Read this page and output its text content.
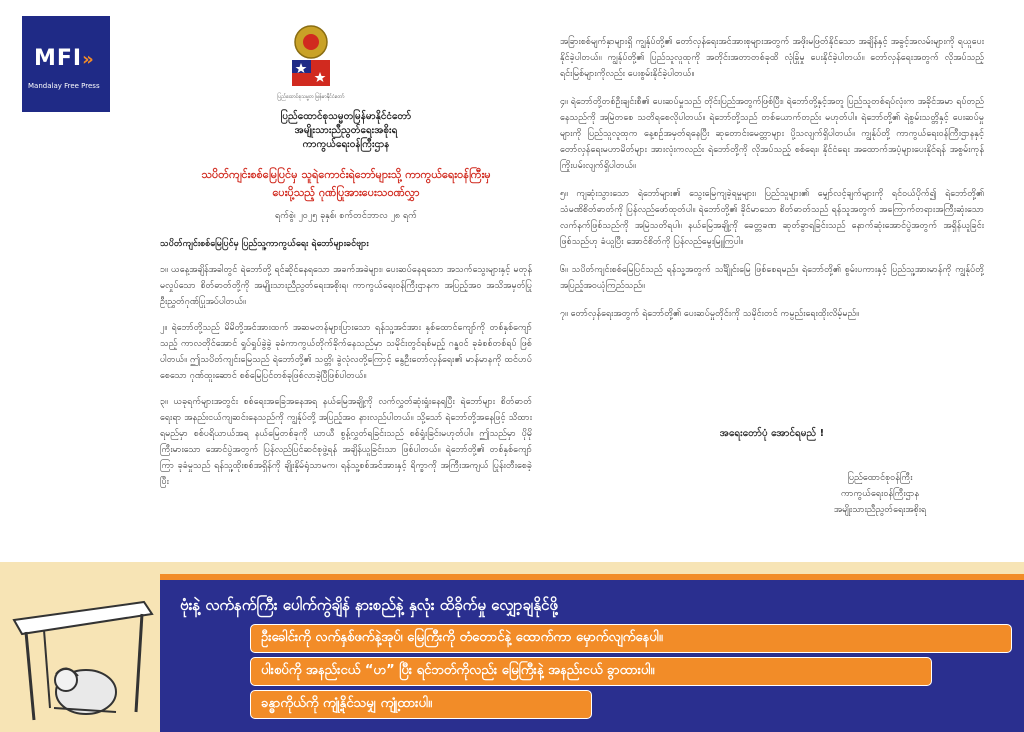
MFI»
Mandalay Free Press
ပြည်ထောင်စုသမ္မတ မြန်မာနိုင်ငံတော်
ပြည်ထောင်စုသမ္မတမြန်မာနိုင်ငံတော်
အမျိုးသားညီညွတ်ရေးအစိုးရ
ကာကွယ်ရေးဝန်ကြီးဌာန
သပိတ်ကျင်းစစ်မြေပြင်မှ သူရဲကောင်းရဲဘော်များသို့ ကာကွယ်ရေးဝန်ကြီးမှ
ပေးပို့သည့် ဂုဏ်ပြုအားပေးသဝဏ်လွှာ
ရက်စွဲ၊ ၂၀၂၅ ခုနှစ်၊ စက်တင်ဘာလ ၂၈ ရက်

သပိတ်ကျင်းစစ်မြေပြင်မှ ပြည်သူ့ကာကွယ်ရေး ရဲဘော်များခင်ဗျား

၁။ ယနေ့အချိန်အခါတွင် ရဲဘော်တို့ ရင်ဆိုင်နေရသော အခက်အခဲများ၊ ပေးဆပ်နေရသော အသက်သွေးများနှင့် မတုန်မလှုပ်သော စိတ်ဓာတ်တို့ကို အမျိုးသားညီညွတ်ရေးအစိုးရ၊ ကာကွယ်ရေးဝန်ကြီးဌာနက အပြည့်အဝ အသိအမှတ်ပြု ဦးညွှတ်ဂုဏ်ပြုအပ်ပါတယ်။

၂။ ရဲဘော်တို့သည် မိမိတို့အင်အားထက် အဆမတန်များပြားသော ရန်သူ့အင်အား နှစ်ထောင်ကျော်ကို တစ်နှစ်ကျော်သည့် ကာလတိုင်အောင် ရှုပ်ရှုပ်ခွဲခွဲ ခုခံကာကွယ်တိုက်ခိုက်နေသည်မှာ သမိုင်းတွင်ရစ်မည့် ဂန္ဓဝင် ခုခံစစ်တစ်ရပ် ဖြစ်ပါတယ်။ ဤသပိတ်ကျင်းမြေသည် ရဲဘော်တို့၏ သတ္တိ၊ ခွဲလုံလတို့ကြောင့် နွေဦးတော်လှန်ရေး၏ မာန်မာနကို ထင်ဟပ်စေသော ဂုဏ်ထူးဆောင် စစ်မြေပြင်တစ်ခုဖြစ်လာခဲ့ပြီဖြစ်ပါတယ်။

၃။ ယခုရက်များအတွင်း စစ်ရေးအခြေအနေအရ နယ်မြေအချို့ကို လက်လွှတ်ဆုံးရှုံးနေရပြီး ရဲဘော်များ စိတ်ဓာတ်ရေးရာ အနည်းငယ်ကျဆင်းနေသည်ကို ကျွန်ုပ်တို့ အပြည့်အဝ နားလည်ပါတယ်။ သို့သော် ရဲဘော်တို့အနေဖြင့် သိထားရမည်မှာ စစ်ပရိယာယ်အရ နယ်မြေတစ်ခုကို ယာယီ စွန့်လွှတ်ရခြင်းသည် စစ်ရှုံးခြင်းမဟုတ်ပါ။ ဤသည်မှာ ပိုမိုကြီးမားသော အောင်ပွဲအတွက် ပြန်လည်ပြင်ဆင်စုဖွဲ့ရန် အချိန်ယူခြင်းသာ ဖြစ်ပါတယ်။ ရဲဘော်တို့၏ တစ်နှစ်ကျော်ကြာ ခုခံမှုသည် ရန်သူ့ထိုးစစ်အရှိန်ကို ချိုးနှိမ်ရုံသာမက၊ ရန်သူ့စစ်အင်အားနှင့် ရိက္ခာကို အကြီးအကျယ် ပြုန်းတီးစေခဲ့ပြီး

အခြားစစ်မျက်နှာများရှိ ကျွန်ုပ်တို့၏ တော်လှန်ရေးအင်အားစုများအတွက် အဖိုးမဖြတ်နိုင်သော အချိန်နှင့် အခွင့်အလမ်းများကို ရယူပေးနိုင်ခဲ့ပါတယ်။ ကျွန်ုပ်တို့၏ ပြည်သူလူထုကို အတိုင်းအတာတစ်ခုထိ လုံခြုံမှု ပေးနိုင်ခဲ့ပါတယ်။ တော်လှန်ရေးအတွက် လိုအပ်သည့် ရင်းမြစ်များကိုလည်း ပေးစွမ်းနိုင်ခဲ့ပါတယ်။

၄။ ရဲဘော်တို့တစ်ဦးချင်းစီ၏ ပေးဆပ်မှုသည် တိုင်းပြည်အတွက်ဖြစ်ပြီး၊ ရဲဘော်တို့နှင့်အတူ ပြည်သူတစ်ရပ်လုံးက အခိုင်အမာ ရပ်တည်နေသည်ကို အမြဲတစေ သတိရစေလိုပါတယ်။ ရဲဘော်တို့သည် တစ်ယောက်တည်း မဟုတ်ပါ။ ရဲဘော်တို့၏ ရဲစွမ်းသတ္တိနှင့် ပေးဆပ်မှုများကို ပြည်သူလူထုက နေ့စဉ်အမှတ်ရနေပြီး ဆုတောင်းမေတ္တာများ ပို့သလျက်ရှိပါတယ်။ ကျွန်ုပ်တို့ ကာကွယ်ရေးဝန်ကြီးဌာနနှင့် တော်လှန်ရေးမဟာမိတ်များ အားလုံးကလည်း ရဲဘော်တို့ကို လိုအပ်သည့် စစ်ရေး၊ နိုင်ငံရေး အထောက်အပံ့များပေးနိုင်ရန် အစွမ်းကုန် ကြိုးပမ်းလျက်ရှိပါတယ်။

၅။ ကျဆုံးသွားသော ရဲဘော်များ၏ သွေးမြေကျခဲ့ရမှုများ၊ ပြည်သူများ၏ မျှော်လင့်ချက်များကို ရင်ဝယ်ပိုက်၍ ရဲဘော်တို့၏ သံမဏိစိတ်ဓာတ်ကို ပြန်လည်ဖော်ထုတ်ပါ။ ရဲဘော်တို့၏ ခိုင်မာသော စိတ်ဓာတ်သည် ရန်သူအတွက် အကြောက်တရားအကြီးဆုံးသော လက်နက်ဖြစ်သည်ကို အမြဲသတိရပါ။ နယ်မြေအချို့ကို ခေတ္တခဏ ဆုတ်ခွာရခြင်းသည် နောက်ဆုံးအောင်ပွဲအတွက် အရှိန်ယူခြင်းဖြစ်သည်ဟု ခံယူပြီး အောင်စိတ်ကို ပြန်လည်မွေးမြူကြပါ။

၆။ သပိတ်ကျင်းစစ်မြေပြင်သည် ရန်သူ့အတွက် သင်္ချိုင်းမြေ ဖြစ်စေရမည်။ ရဲဘော်တို့၏ စွမ်းပကားနှင့် ပြည်သူ့အားမာန်ကို ကျွန်ုပ်တို့ အပြည့်အဝယုံကြည်သည်။

၇။ တော်လှန်ရေးအတွက် ရဲဘော်တို့၏ ပေးဆပ်မှုတိုင်းကို သမိုင်းတင် ကမ္ပည်းရေးထိုးလိမ့်မည်။

အရေးတော်ပုံ အောင်ရမည် !
ပြည်ထောင်စုဝန်ကြီး
ကာကွယ်ရေးဝန်ကြီးဌာန
အမျိုးသားညီညွတ်ရေးအစိုးရ
ဗုံးနဲ့ လက်နက်ကြီး ပေါက်ကွဲချိန် နားစည်နဲ့ နှလုံး ထိခိုက်မှု လျှော့ချနိုင်ဖို့
ဦးခေါင်းကို လက်နှစ်ဖက်နဲ့အုပ်၊ မြေကြီးကို တံတောင်နဲ့ ထောက်ကာ မှောက်လျက်နေပါ။
ပါးစပ်ကို အနည်းငယ် “ဟ” ပြီး ရင်ဘတ်ကိုလည်း မြေကြီးနဲ့ အနည်းငယ် ခွာထားပါ။
ခန္ဓာကိုယ်ကို ကျုံ့နိုင်သမျှ ကျုံ့ထားပါ။
